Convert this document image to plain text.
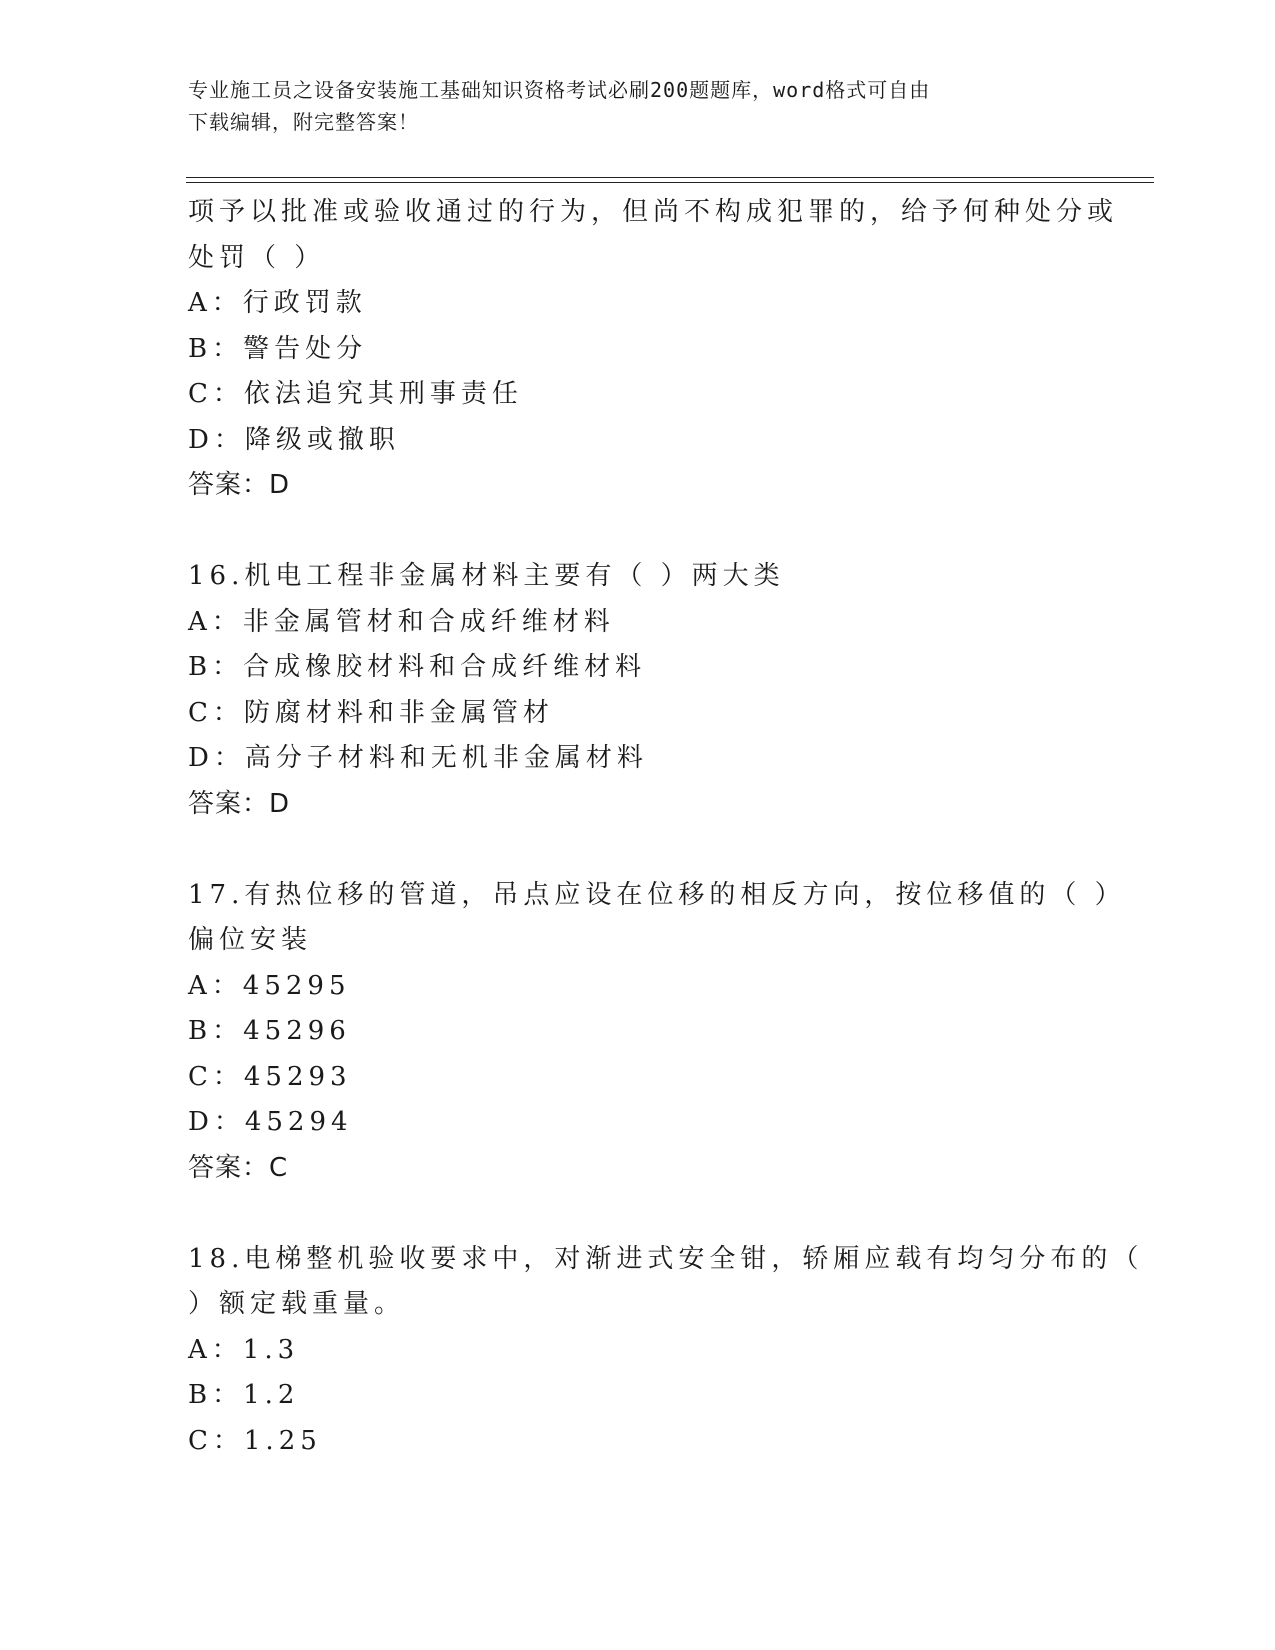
专业施工员之设备安装施工基础知识资格考试必刷200题题库，word格式可自由
下载编辑，附完整答案！
项予以批准或验收通过的行为，但尚不构成犯罪的，给予何种处分或
处罚（ ）
A：行政罚款
B：警告处分
C：依法追究其刑事责任
D：降级或撤职
答案：D
16.机电工程非金属材料主要有（ ）两大类
A：非金属管材和合成纤维材料
B：合成橡胶材料和合成纤维材料
C：防腐材料和非金属管材
D：高分子材料和无机非金属材料
答案：D
17.有热位移的管道，吊点应设在位移的相反方向，按位移值的（ ）
偏位安装
A：45295
B：45296
C：45293
D：45294
答案：C
18.电梯整机验收要求中，对渐进式安全钳，轿厢应载有均匀分布的（
）额定载重量。
A：1.3
B：1.2
C：1.25
